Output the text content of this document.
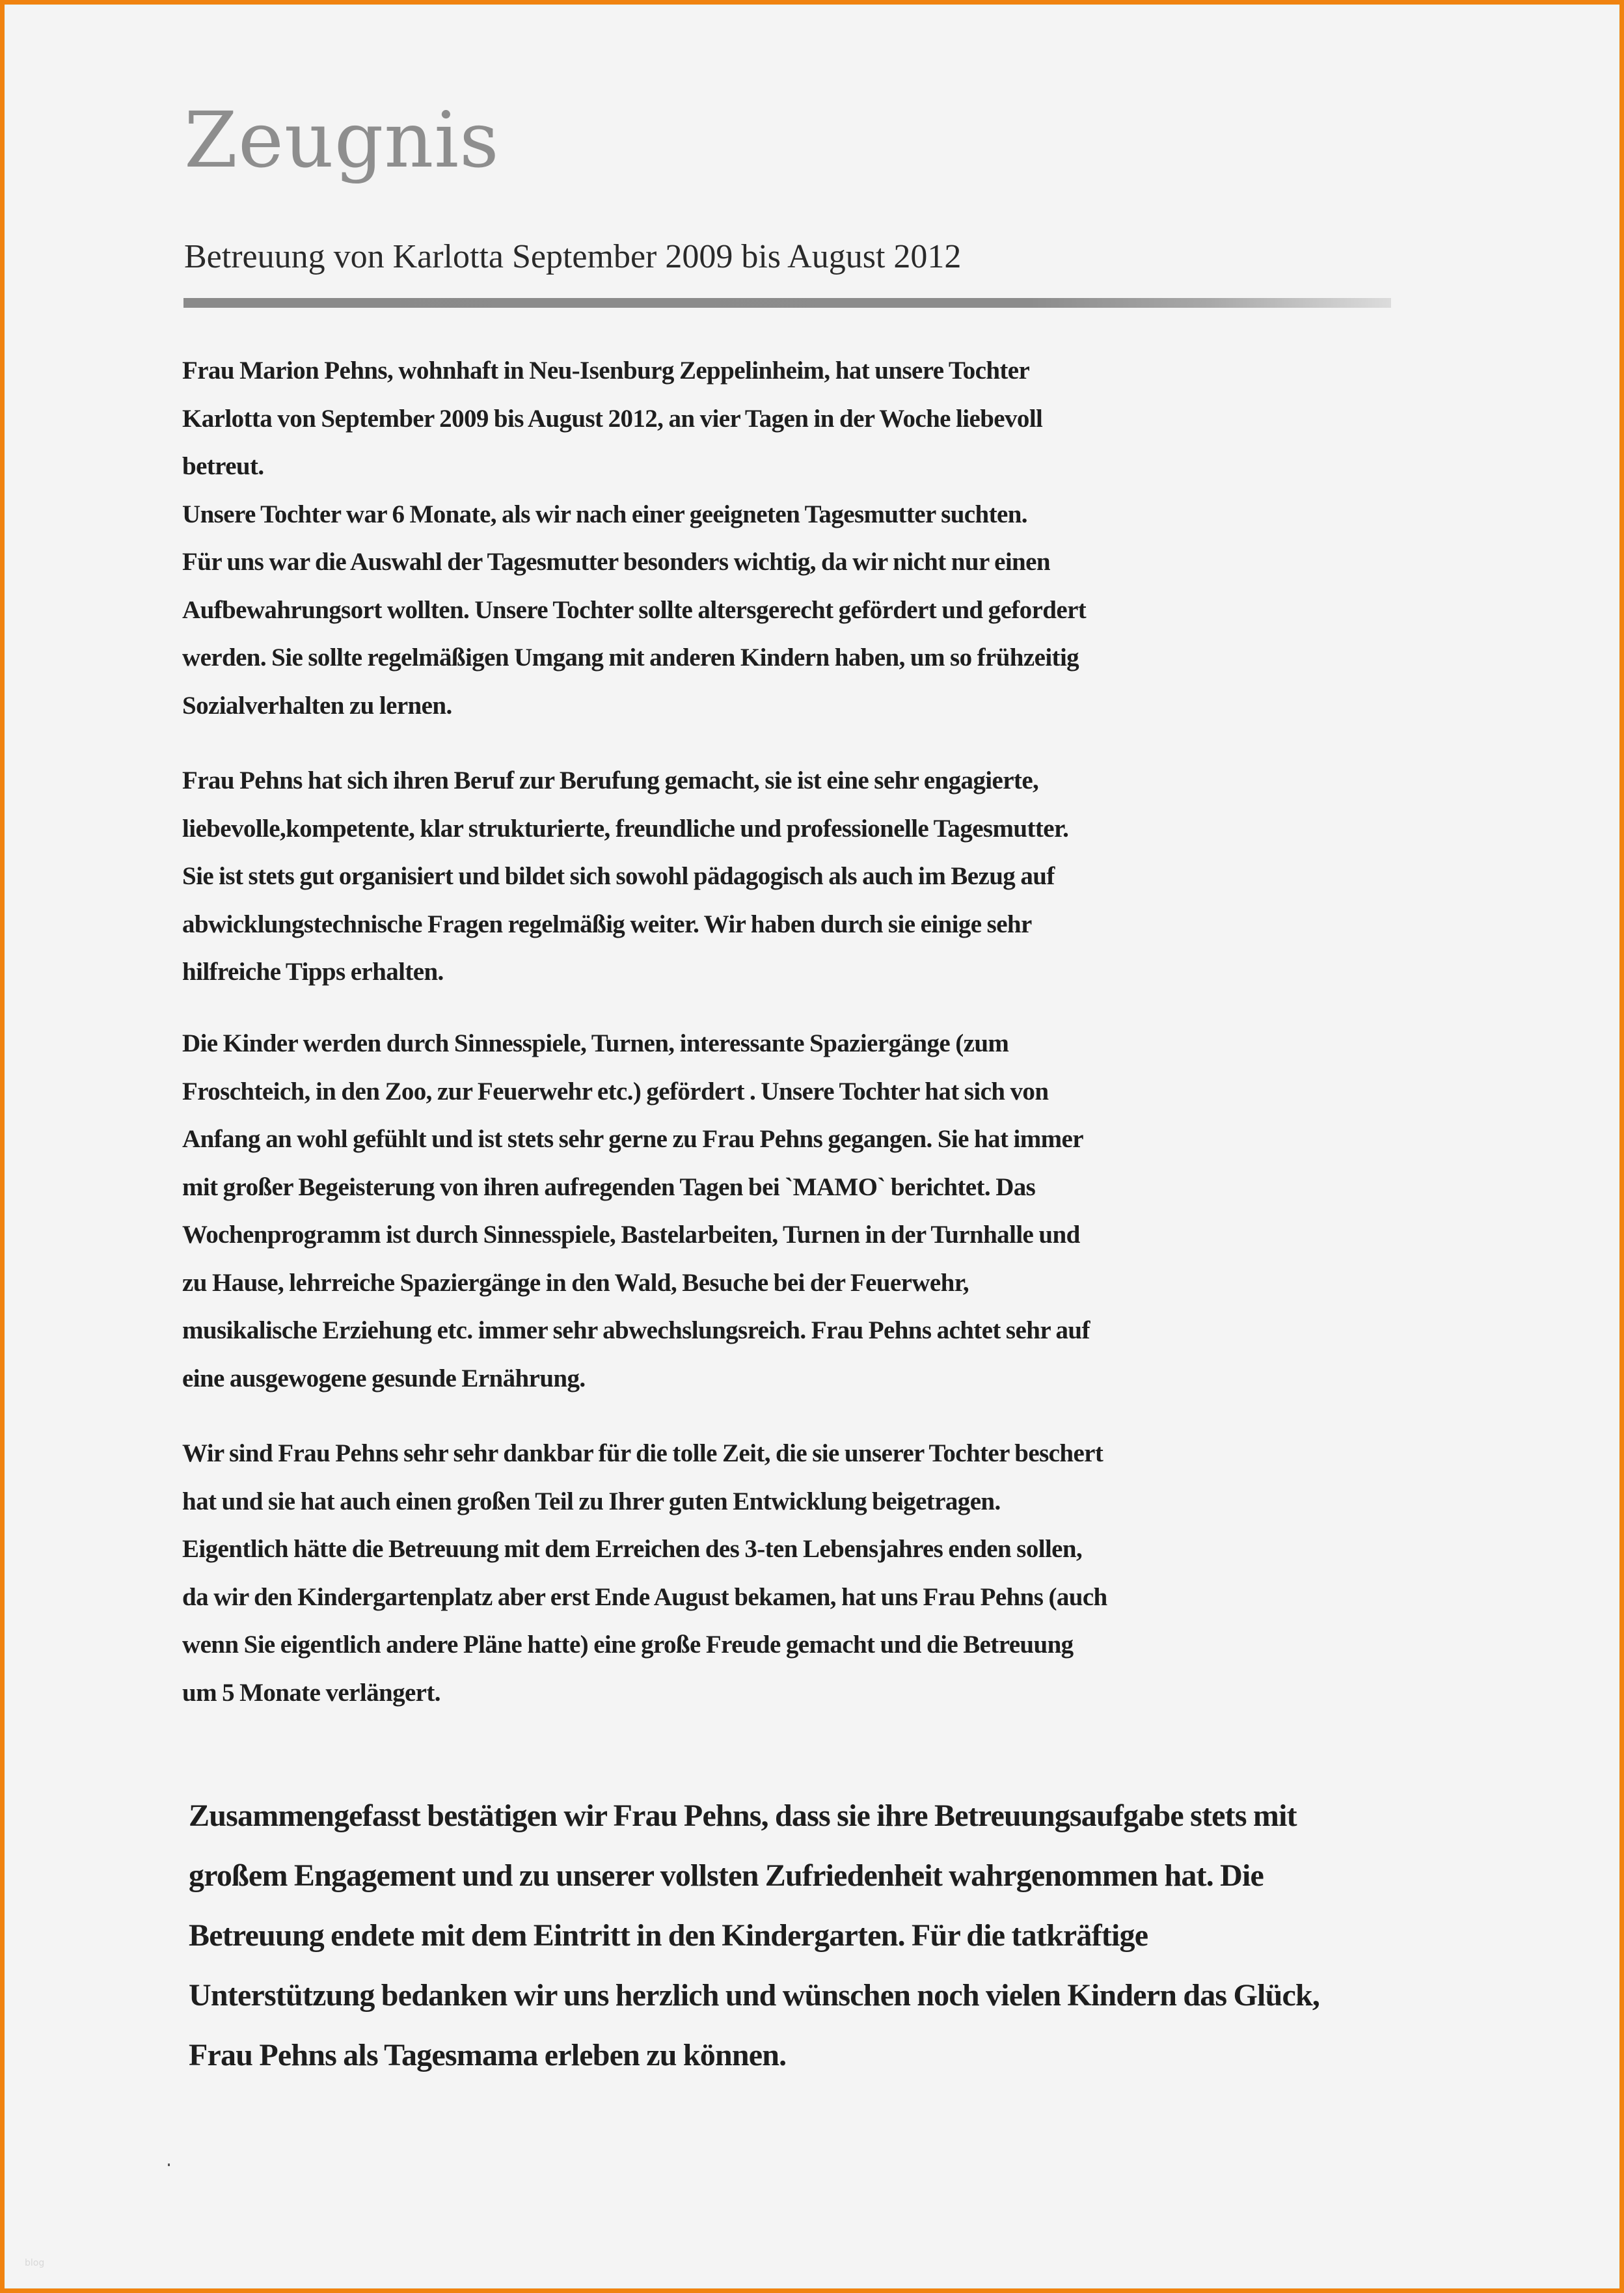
Zeugnis
Betreuung von Karlotta September 2009 bis August 2012

Frau Marion Pehns, wohnhaft in Neu-Isenburg Zeppelinheim, hat unsere Tochter
Karlotta von September 2009 bis August 2012, an vier Tagen in der Woche liebevoll
betreut.
Unsere Tochter war 6 Monate, als wir nach einer geeigneten Tagesmutter suchten.
Für uns war die Auswahl der Tagesmutter besonders wichtig, da wir nicht nur einen
Aufbewahrungsort wollten. Unsere Tochter sollte altersgerecht gefördert und gefordert
werden. Sie sollte regelmäßigen Umgang mit anderen Kindern haben, um so frühzeitig
Sozialverhalten zu lernen.

Frau Pehns hat sich ihren Beruf zur Berufung gemacht, sie ist eine sehr engagierte,
liebevolle,kompetente, klar strukturierte, freundliche und professionelle Tagesmutter.
Sie ist stets gut organisiert und bildet sich sowohl pädagogisch als auch im Bezug auf
abwicklungstechnische Fragen regelmäßig weiter. Wir haben durch sie einige sehr
hilfreiche Tipps erhalten.

Die Kinder werden durch Sinnesspiele, Turnen, interessante Spaziergänge (zum
Froschteich, in den Zoo, zur Feuerwehr etc.) gefördert . Unsere Tochter hat sich von
Anfang an wohl gefühlt und ist stets sehr gerne zu Frau Pehns gegangen. Sie hat immer
mit großer Begeisterung von ihren aufregenden Tagen bei `MAMO` berichtet. Das
Wochenprogramm ist durch Sinnesspiele, Bastelarbeiten, Turnen in der Turnhalle und
zu Hause, lehrreiche Spaziergänge in den Wald, Besuche bei der Feuerwehr,
musikalische Erziehung etc. immer sehr abwechslungsreich. Frau Pehns achtet sehr auf
eine ausgewogene gesunde Ernährung.

Wir sind Frau Pehns sehr sehr dankbar für die tolle Zeit, die sie unserer Tochter beschert
hat und sie hat auch einen großen Teil zu Ihrer guten Entwicklung beigetragen.
Eigentlich hätte die Betreuung mit dem Erreichen des 3-ten Lebensjahres enden sollen,
da wir den Kindergartenplatz aber erst Ende August bekamen, hat uns Frau Pehns (auch
wenn Sie eigentlich andere Pläne hatte) eine große Freude gemacht und die Betreuung
um 5 Monate verlängert.

Zusammengefasst bestätigen wir Frau Pehns, dass sie ihre Betreuungsaufgabe stets mit
großem Engagement und zu unserer vollsten Zufriedenheit wahrgenommen hat. Die
Betreuung endete mit dem Eintritt in den Kindergarten. Für die tatkräftige
Unterstützung bedanken wir uns herzlich und wünschen noch vielen Kindern das Glück,
Frau Pehns als Tagesmama erleben zu können.

blog
